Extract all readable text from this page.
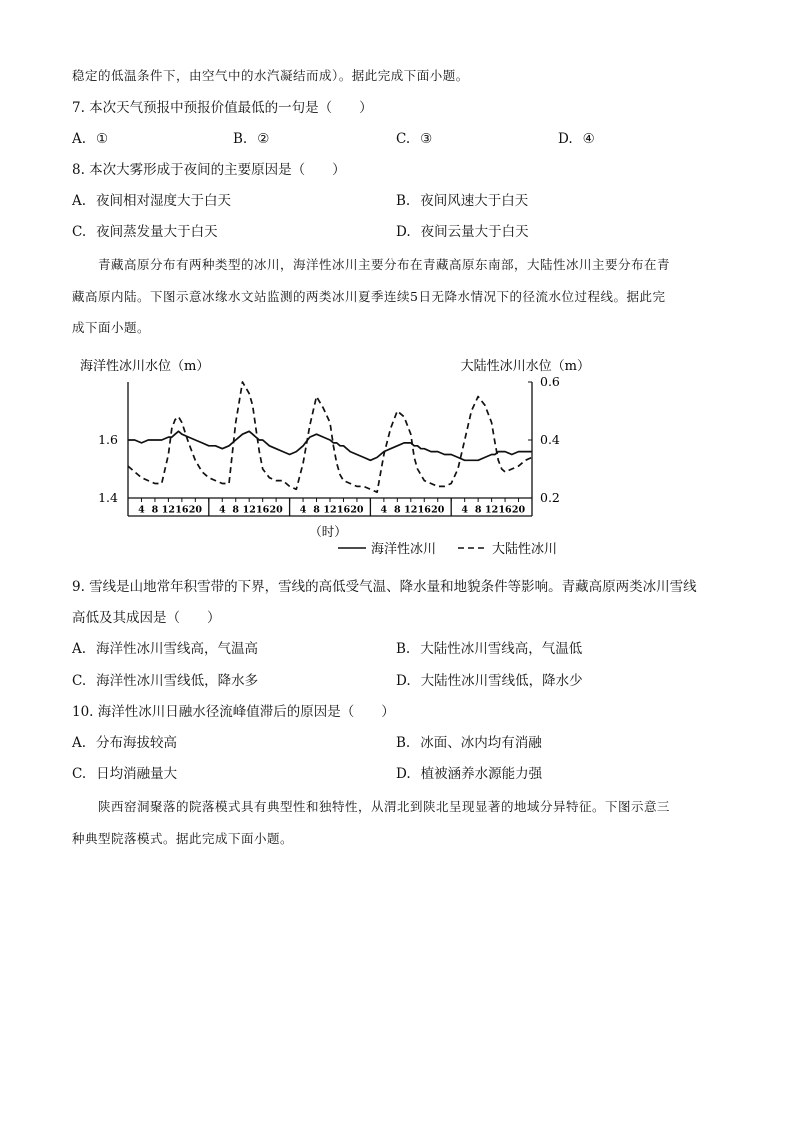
稳定的低温条件下，由空气中的水汽凝结而成）。据此完成下面小题。
7. 本次天气预报中预报价值最低的一句是（　　）
A. ①	B. ②	C. ③	D. ④
8. 本次大雾形成于夜间的主要原因是（　　）
A. 夜间相对湿度大于白天	B. 夜间风速大于白天
C. 夜间蒸发量大于白天	D. 夜间云量大于白天
青藏高原分布有两种类型的冰川，海洋性冰川主要分布在青藏高原东南部，大陆性冰川主要分布在青
藏高原内陆。下图示意冰缘水文站监测的两类冰川夏季连续5日无降水情况下的径流水位过程线。据此完
成下面小题。
海洋性冰川水位（m）	大陆性冰川水位（m）
1.6
1.4
0.6
0.4
0.2
4 8 12 16 20 4 8 12 16 20 4 8 12 16 20 4 8 12 16 20 4 8 12 16 20
（时）
海洋性冰川	大陆性冰川
9. 雪线是山地常年积雪带的下界，雪线的高低受气温、降水量和地貌条件等影响。青藏高原两类冰川雪线
高低及其成因是（　　）
A. 海洋性冰川雪线高，气温高	B. 大陆性冰川雪线高，气温低
C. 海洋性冰川雪线低，降水多	D. 大陆性冰川雪线低，降水少
10. 海洋性冰川日融水径流峰值滞后的原因是（　　）
A. 分布海拔较高	B. 冰面、冰内均有消融
C. 日均消融量大	D. 植被涵养水源能力强
陕西窑洞聚落的院落模式具有典型性和独特性，从渭北到陕北呈现显著的地域分异特征。下图示意三
种典型院落模式。据此完成下面小题。
